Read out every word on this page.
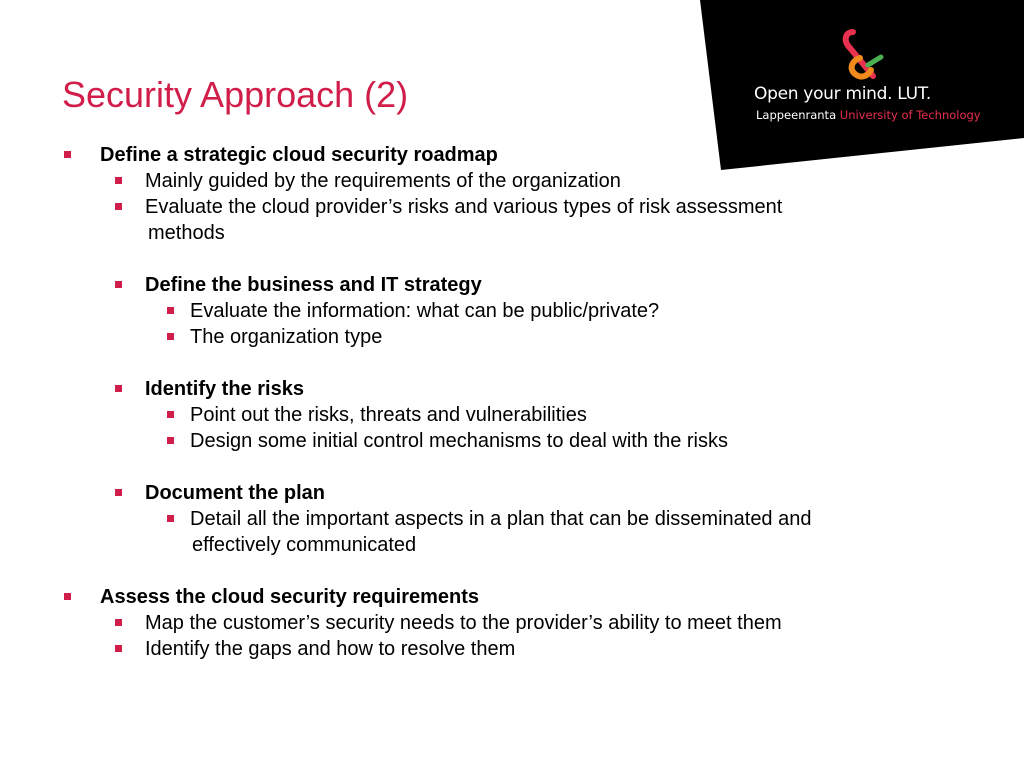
Open your mind. LUT.
Lappeenranta University of Technology
Security Approach (2)
Define a strategic cloud security roadmap
Mainly guided by the requirements of the organization
Evaluate the cloud provider’s risks and various types of risk assessment
methods
Define the business and IT strategy
Evaluate the information: what can be public/private?
The organization type
Identify the risks
Point out the risks, threats and vulnerabilities
Design some initial control mechanisms to deal with the risks
Document the plan
Detail all the important aspects in a plan that can be disseminated and
effectively communicated
Assess the cloud security requirements
Map the customer’s security needs to the provider’s ability to meet them
Identify the gaps and how to resolve them
